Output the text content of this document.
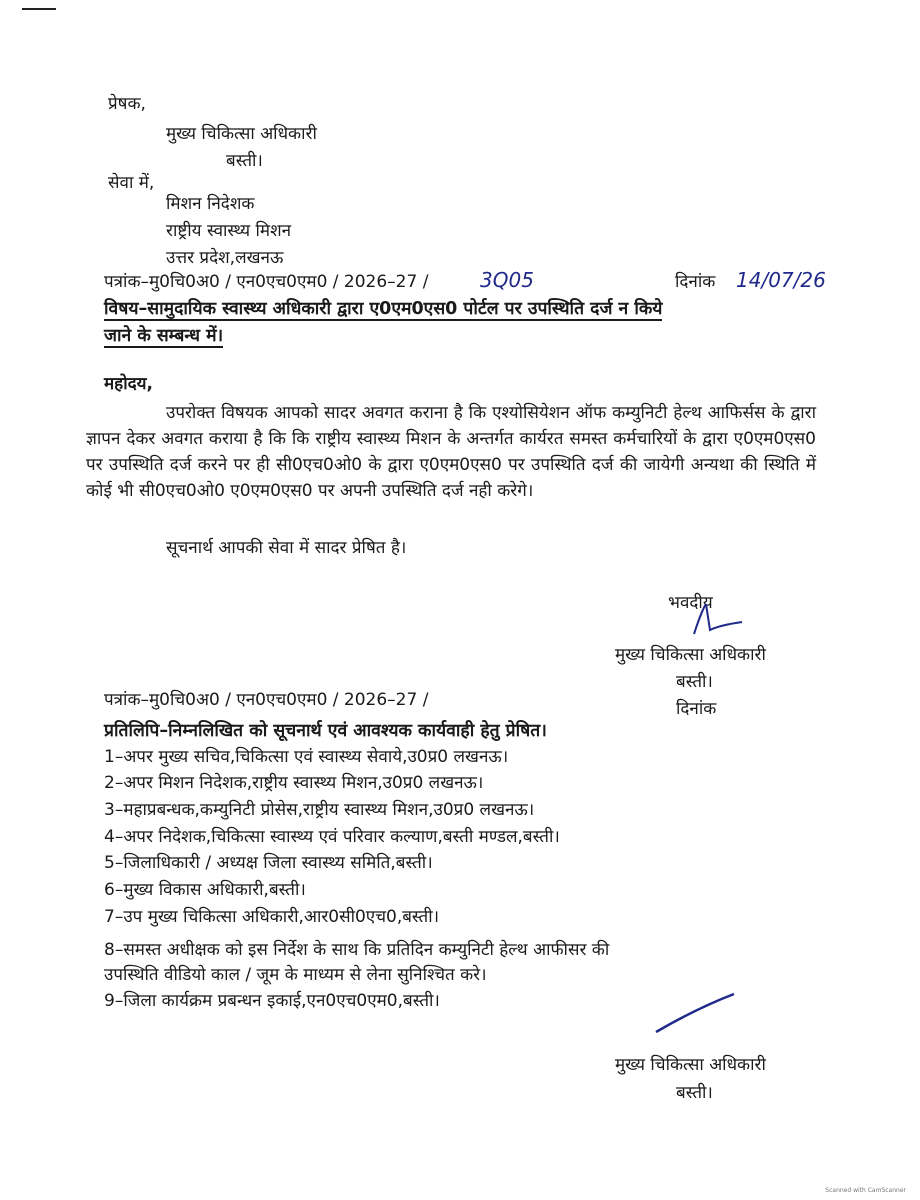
प्रेषक,
मुख्य चिकित्सा अधिकारी
बस्ती।
सेवा में,
मिशन निदेशक
राष्ट्रीय स्वास्थ्य मिशन
उत्तर प्रदेश,लखनऊ
पत्रांक–मु0चि0अ0 / एन0एच0एम0 / 2026–27 /	3Q05	दिनांक 14/07/26
विषय–सामुदायिक स्वास्थ्य अधिकारी द्वारा ए0एम0एस0 पोर्टल पर उपस्थिति दर्ज न किये
जाने के सम्बन्ध में।
महोदय,
उपरोक्त विषयक आपको सादर अवगत कराना है कि एश्योसियेशन ऑफ कम्युनिटी हेल्थ आफिर्सस के द्वारा ज्ञापन देकर अवगत कराया है कि कि राष्ट्रीय स्वास्थ्य मिशन के अन्तर्गत कार्यरत समस्त कर्मचारियों के द्वारा ए0एम0एस0 पर उपस्थिति दर्ज करने पर ही सी0एच0ओ0 के द्वारा ए0एम0एस0 पर उपस्थिति दर्ज की जायेगी अन्यथा की स्थिति में कोई भी सी0एच0ओ0 ए0एम0एस0 पर अपनी उपस्थिति दर्ज नही करेगे।
सूचनार्थ आपकी सेवा में सादर प्रेषित है।
भवदीय
मुख्य चिकित्सा अधिकारी
बस्ती।
पत्रांक–मु0चि0अ0 / एन0एच0एम0 / 2026–27 /	दिनांक
प्रतिलिपि–निम्नलिखित को सूचनार्थ एवं आवश्यक कार्यवाही हेतु प्रेषित।
1–अपर मुख्य सचिव,चिकित्सा एवं स्वास्थ्य सेवाये,उ0प्र0 लखनऊ।
2–अपर मिशन निदेशक,राष्ट्रीय स्वास्थ्य मिशन,उ0प्र0 लखनऊ।
3–महाप्रबन्धक,कम्युनिटी प्रोसेस,राष्ट्रीय स्वास्थ्य मिशन,उ0प्र0 लखनऊ।
4–अपर निदेशक,चिकित्सा स्वास्थ्य एवं परिवार कल्याण,बस्ती मण्डल,बस्ती।
5–जिलाधिकारी / अध्यक्ष जिला स्वास्थ्य समिति,बस्ती।
6–मुख्य विकास अधिकारी,बस्ती।
7–उप मुख्य चिकित्सा अधिकारी,आर0सी0एच0,बस्ती।
8–समस्त अधीक्षक को इस निर्देश के साथ कि प्रतिदिन कम्युनिटी हेल्थ आफीसर की
उपस्थिति वीडियो काल / जूम के माध्यम से लेना सुनिश्चित करे।
9–जिला कार्यक्रम प्रबन्धन इकाई,एन0एच0एम0,बस्ती।
मुख्य चिकित्सा अधिकारी
बस्ती।
Scanned with CamScanner
